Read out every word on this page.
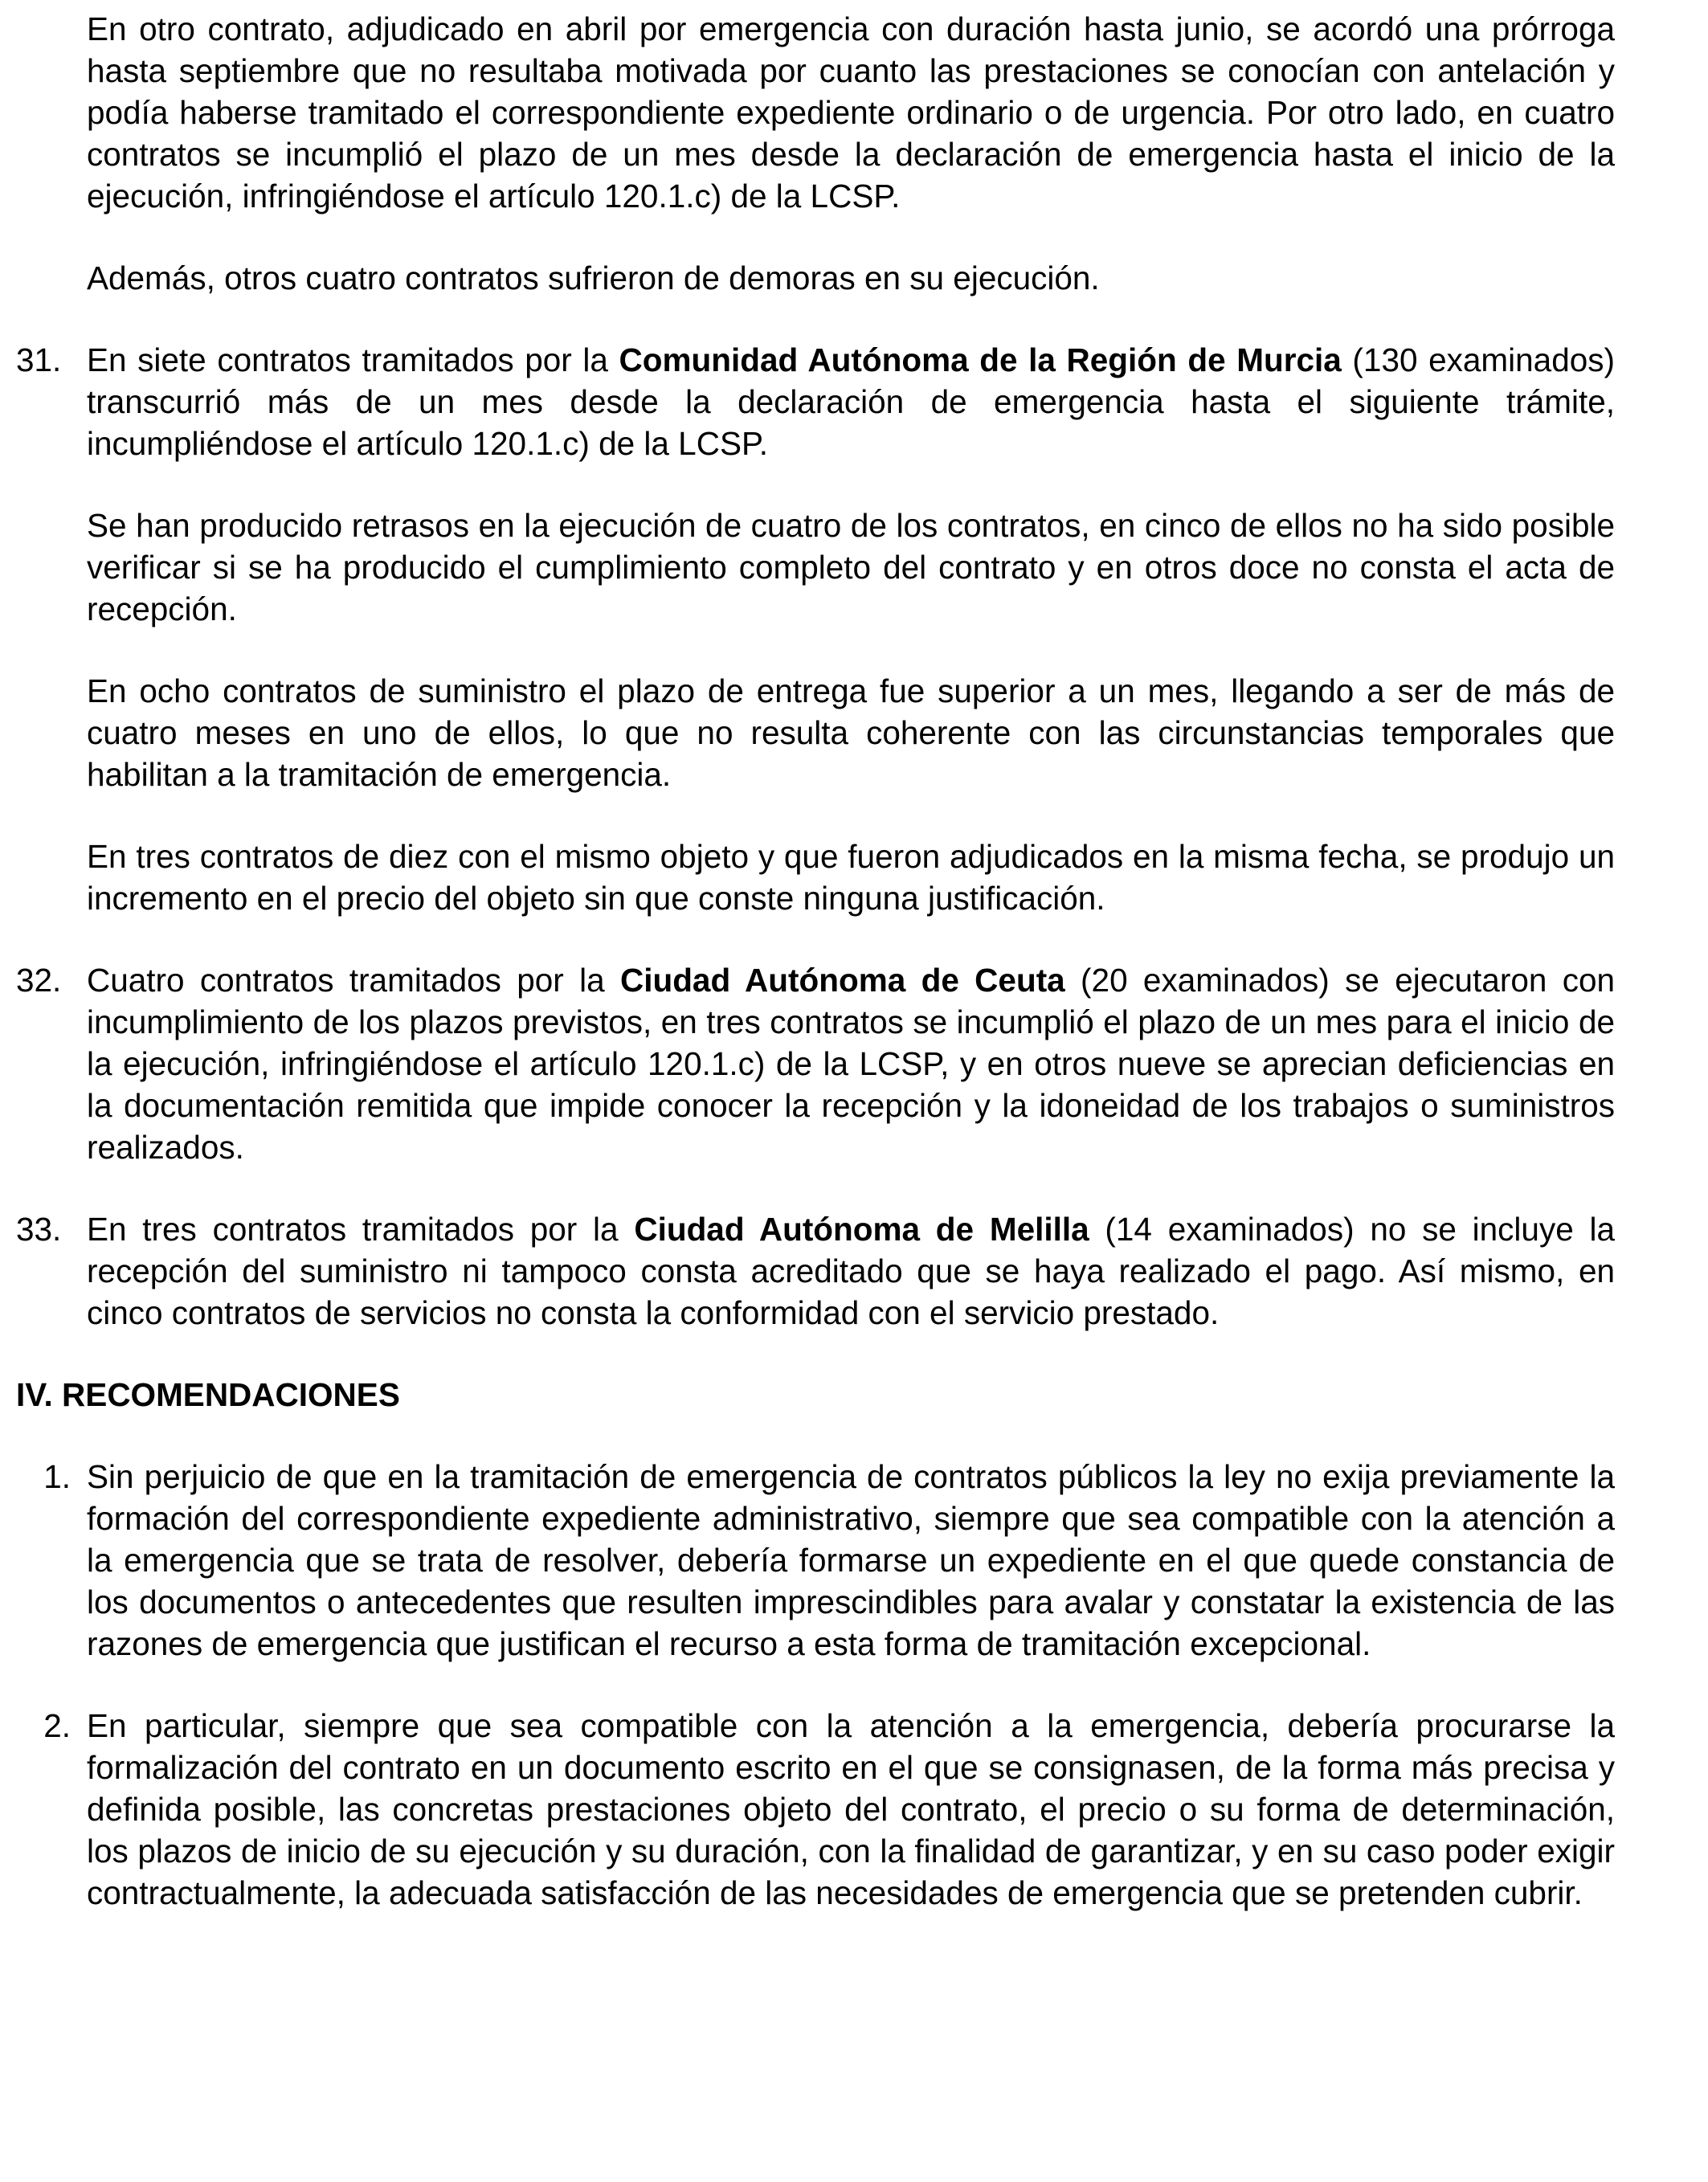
En otro contrato, adjudicado en abril por emergencia con duración hasta junio, se acordó una prórroga hasta septiembre que no resultaba motivada por cuanto las prestaciones se conocían con antelación y podía haberse tramitado el correspondiente expediente ordinario o de urgencia. Por otro lado, en cuatro contratos se incumplió el plazo de un mes desde la declaración de emergencia hasta el inicio de la ejecución, infringiéndose el artículo 120.1.c) de la LCSP.

Además, otros cuatro contratos sufrieron de demoras en su ejecución.

31. En siete contratos tramitados por la Comunidad Autónoma de la Región de Murcia (130 examinados) transcurrió más de un mes desde la declaración de emergencia hasta el siguiente trámite, incumpliéndose el artículo 120.1.c) de la LCSP.

Se han producido retrasos en la ejecución de cuatro de los contratos, en cinco de ellos no ha sido posible verificar si se ha producido el cumplimiento completo del contrato y en otros doce no consta el acta de recepción.

En ocho contratos de suministro el plazo de entrega fue superior a un mes, llegando a ser de más de cuatro meses en uno de ellos, lo que no resulta coherente con las circunstancias temporales que habilitan a la tramitación de emergencia.

En tres contratos de diez con el mismo objeto y que fueron adjudicados en la misma fecha, se produjo un incremento en el precio del objeto sin que conste ninguna justificación.

32. Cuatro contratos tramitados por la Ciudad Autónoma de Ceuta (20 examinados) se ejecutaron con incumplimiento de los plazos previstos, en tres contratos se incumplió el plazo de un mes para el inicio de la ejecución, infringiéndose el artículo 120.1.c) de la LCSP, y en otros nueve se aprecian deficiencias en la documentación remitida que impide conocer la recepción y la idoneidad de los trabajos o suministros realizados.

33. En tres contratos tramitados por la Ciudad Autónoma de Melilla (14 examinados) no se incluye la recepción del suministro ni tampoco consta acreditado que se haya realizado el pago. Así mismo, en cinco contratos de servicios no consta la conformidad con el servicio prestado.

IV. RECOMENDACIONES
1. Sin perjuicio de que en la tramitación de emergencia de contratos públicos la ley no exija previamente la formación del correspondiente expediente administrativo, siempre que sea compatible con la atención a la emergencia que se trata de resolver, debería formarse un expediente en el que quede constancia de los documentos o antecedentes que resulten imprescindibles para avalar y constatar la existencia de las razones de emergencia que justifican el recurso a esta forma de tramitación excepcional.

2. En particular, siempre que sea compatible con la atención a la emergencia, debería procurarse la formalización del contrato en un documento escrito en el que se consignasen, de la forma más precisa y definida posible, las concretas prestaciones objeto del contrato, el precio o su forma de determinación, los plazos de inicio de su ejecución y su duración, con la finalidad de garantizar, y en su caso poder exigir contractualmente, la adecuada satisfacción de las necesidades de emergencia que se pretenden cubrir.
